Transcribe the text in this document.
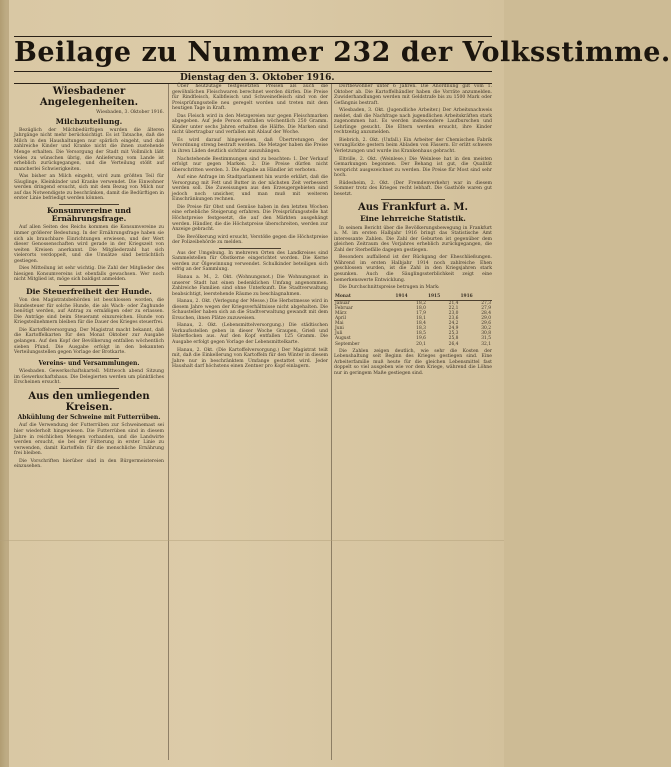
Beilage zu Nummer 232 der Volksstimme.
Dienstag den 3. Oktober 1916.
Wiesbadener Angelegenheiten.
Wiesbaden, 3. Oktober 1916.
Milchzuteilung.

Bezüglich der Milchbedürftigen wurden die älteren Jahrgänge nicht mehr berücksichtigt. Es ist Tatsache, daß die Milch in den Haushaltungen nur spärlich eingeht, und daß zahlreiche Kinder und Kranke nicht die ihnen zustehende Menge erhalten. Die Versorgung der Stadt mit Vollmilch läßt vieles zu wünschen übrig, die Anlieferung vom Lande ist erheblich zurückgegangen, und die Verteilung stößt auf mancherlei Schwierigkeiten.

Was bisher an Milch eingeht, wird zum größten Teil für Säuglinge, Kleinkinder und Kranke verwendet. Die Einwohner werden dringend ersucht, sich mit dem Bezug von Milch nur auf das Notwendigste zu beschränken, damit die Bedürftigen in erster Linie befriedigt werden können.

Konsumvereine und Ernährungsfrage.

Auf allen Seiten des Reichs kommen die Konsumvereine zu immer größerer Bedeutung. In der Ernährungsfrage haben sie sich als brauchbare Einrichtungen erwiesen, und der Wert dieser Genossenschaften wird gerade in der Kriegszeit von weiten Kreisen anerkannt. Die Mitgliederzahl hat sich vielerorts verdoppelt, und die Umsätze sind beträchtlich gestiegen.

Dies Mitteilung ist sehr wichtig. Die Zahl der Mitglieder des hiesigen Konsumvereins ist ebenfalls gewachsen. Wer noch nicht Mitglied ist, möge sich baldigst anmelden.

Die Steuerfreiheit der Hunde.

Von den Magistratsbehörden ist beschlossen worden, die Hundesteuer für solche Hunde, die als Wach- oder Zughunde benötigt werden, auf Antrag zu ermäßigen oder zu erlassen. Die Anträge sind beim Steueramt einzureichen. Hunde von Kriegsteilnehmern bleiben für die Dauer des Krieges steuerfrei.

Die Kartoffelversorgung. Der Magistrat macht bekannt, daß die Kartoffelkarten für den Monat Oktober zur Ausgabe gelangen. Auf den Kopf der Bevölkerung entfallen wöchentlich sieben Pfund. Die Ausgabe erfolgt in den bekannten Verteilungsstellen gegen Vorlage der Brotkarte.

Vereins- und Versammlungen.

Wiesbaden. Gewerkschaftskartell. Mittwoch abend Sitzung im Gewerkschaftshaus. Die Delegierten werden um pünktliches Erscheinen ersucht.

Aus den umliegenden Kreisen.
Abkühlung der Schweine mit Futterrüben.

Auf die Verwendung der Futterrüben zur Schweinemast sei hier wiederholt hingewiesen. Die Futterrüben sind in diesem Jahre in reichlichen Mengen vorhanden, und die Landwirte werden ersucht, sie bei der Fütterung in erster Linie zu verwenden, damit Kartoffeln für die menschliche Ernährung frei bleiben.

Die Vorschriften hierüber sind in den Bürgermeistereien einzusehen.

Über heutzutage festgesetzten Preisen als auch die gewöhnlichen Fleischwaren berechnet werden dürfen. Die Preise für Rindfleisch, Kalbfleisch und Schweinefleisch sind von der Preisprüfungsstelle neu geregelt worden und treten mit dem heutigen Tage in Kraft.

Das Fleisch wird in den Metzgereien nur gegen Fleischmarken abgegeben. Auf jede Person entfallen wöchentlich 250 Gramm. Kinder unter sechs Jahren erhalten die Hälfte. Die Marken sind nicht übertragbar und verfallen mit Ablauf der Woche.

Es wird darauf hingewiesen, daß Übertretungen der Verordnung streng bestraft werden. Die Metzger haben die Preise in ihren Läden deutlich sichtbar auszuhängen.

Nachstehende Bestimmungen sind zu beachten: 1. Der Verkauf erfolgt nur gegen Marken. 2. Die Preise dürfen nicht überschritten werden. 3. Die Abgabe an Händler ist verboten.

Auf eine Anfrage im Stadtparlament hin wurde erklärt, daß die Versorgung mit Fett und Butter in der nächsten Zeit verbessert werden soll. Die Zuweisungen aus den Erzeugergebieten sind jedoch noch unsicher, und man muß mit weiteren Einschränkungen rechnen.

Die Preise für Obst und Gemüse haben in den letzten Wochen eine erhebliche Steigerung erfahren. Die Preisprüfungsstelle hat Höchstpreise festgesetzt, die auf den Märkten ausgehängt werden. Händler, die die Höchstpreise überschreiten, werden zur Anzeige gebracht.

Die Bevölkerung wird ersucht, Verstöße gegen die Höchstpreise der Polizeibehörde zu melden.

Aus der Umgebung. In mehreren Orten des Landkreises sind Sammelstellen für Obstkerne eingerichtet worden. Die Kerne werden zur Ölgewinnung verwendet. Schulkinder beteiligen sich eifrig an der Sammlung.

Hanau a. M., 2. Okt. (Wohnungsnot.) Die Wohnungsnot in unserer Stadt hat einen bedenklichen Umfang angenommen. Zahlreiche Familien sind ohne Unterkunft. Die Stadtverwaltung beabsichtigt, leerstehende Räume zu beschlagnahmen.

Hanau, 2. Okt. (Verlegung der Messe.) Die Herbstmesse wird in diesem Jahre wegen der Kriegsverhältnisse nicht abgehalten. Die Schausteller haben sich an die Stadtverwaltung gewandt mit dem Ersuchen, ihnen Plätze zuzuweisen.

Hanau, 2. Okt. (Lebensmittelversorgung.) Die städtischen Verkaufsstellen geben in dieser Woche Graupen, Grieß und Haferflocken aus. Auf den Kopf entfallen 125 Gramm. Die Ausgabe erfolgt gegen Vorlage der Lebensmittelkarte.

Hanau, 2. Okt. (Die Kartoffelversorgung.) Der Magistrat teilt mit, daß die Einkellerung von Kartoffeln für den Winter in diesem Jahre nur in beschränktem Umfange gestattet wird. Jeder Haushalt darf höchstens einen Zentner pro Kopf einlagern.

Dorfbewohner unter 6 Jahren. Die Anordnung gilt vom 1. Oktober ab. Die Kartoffelhändler haben die Vorräte anzumelden. Zuwiderhandlungen werden mit Geldstrafe bis zu 1500 Mark oder Gefängnis bestraft.

Wiesbaden, 3. Okt. (Jugendliche Arbeiter.) Der Arbeitsnachweis meldet, daß die Nachfrage nach jugendlichen Arbeitskräften stark zugenommen hat. Es werden insbesondere Laufburschen und Lehrlinge gesucht. Die Eltern werden ersucht, ihre Kinder rechtzeitig anzumelden.

Biebrich, 2. Okt. (Unfall.) Ein Arbeiter der Chemischen Fabrik verunglückte gestern beim Abladen von Fässern. Er erlitt schwere Verletzungen und wurde ins Krankenhaus gebracht.

Eltville, 2. Okt. (Weinlese.) Die Weinlese hat in den meisten Gemarkungen begonnen. Der Behang ist gut, die Qualität verspricht ausgezeichnet zu werden. Die Preise für Most sind sehr hoch.

Rüdesheim, 2. Okt. (Der Fremdenverkehr) war in diesem Sommer trotz des Krieges recht lebhaft. Die Gasthöfe waren gut besetzt.

Aus Frankfurt a. M.
Eine lehrreiche Statistik.

In seinem Bericht über die Bevölkerungsbewegung in Frankfurt a. M. im ersten Halbjahr 1916 bringt das Statistische Amt interessante Zahlen. Die Zahl der Geburten ist gegenüber dem gleichen Zeitraum des Vorjahres erheblich zurückgegangen, die Zahl der Sterbefälle dagegen gestiegen.

Besonders auffallend ist der Rückgang der Eheschließungen. Während im ersten Halbjahr 1914 noch zahlreiche Ehen geschlossen wurden, ist die Zahl in den Kriegsjahren stark gesunken. Auch die Säuglingssterblichkeit zeigt eine bemerkenswerte Entwicklung.

Die Durchschnittspreise betrugen in Mark:

Monat	1914	1915	1916
Januar	18,2	21,4	27,3
Februar	18,0	22,1	27,9
März	17,9	23,0	28,4
April	18,1	23,6	29,0
Mai	18,4	24,2	29,6
Juni	18,3	24,9	30,2
Juli	18,5	25,3	30,8
August	19,6	25,8	31,5
September	20,1	26,4	32,1

Die Zahlen zeigen deutlich, wie sehr die Kosten der Lebenshaltung seit Beginn des Krieges gestiegen sind. Eine Arbeiterfamilie muß heute für die gleichen Lebensmittel fast doppelt so viel ausgeben wie vor dem Kriege, während die Löhne nur in geringem Maße gestiegen sind.
